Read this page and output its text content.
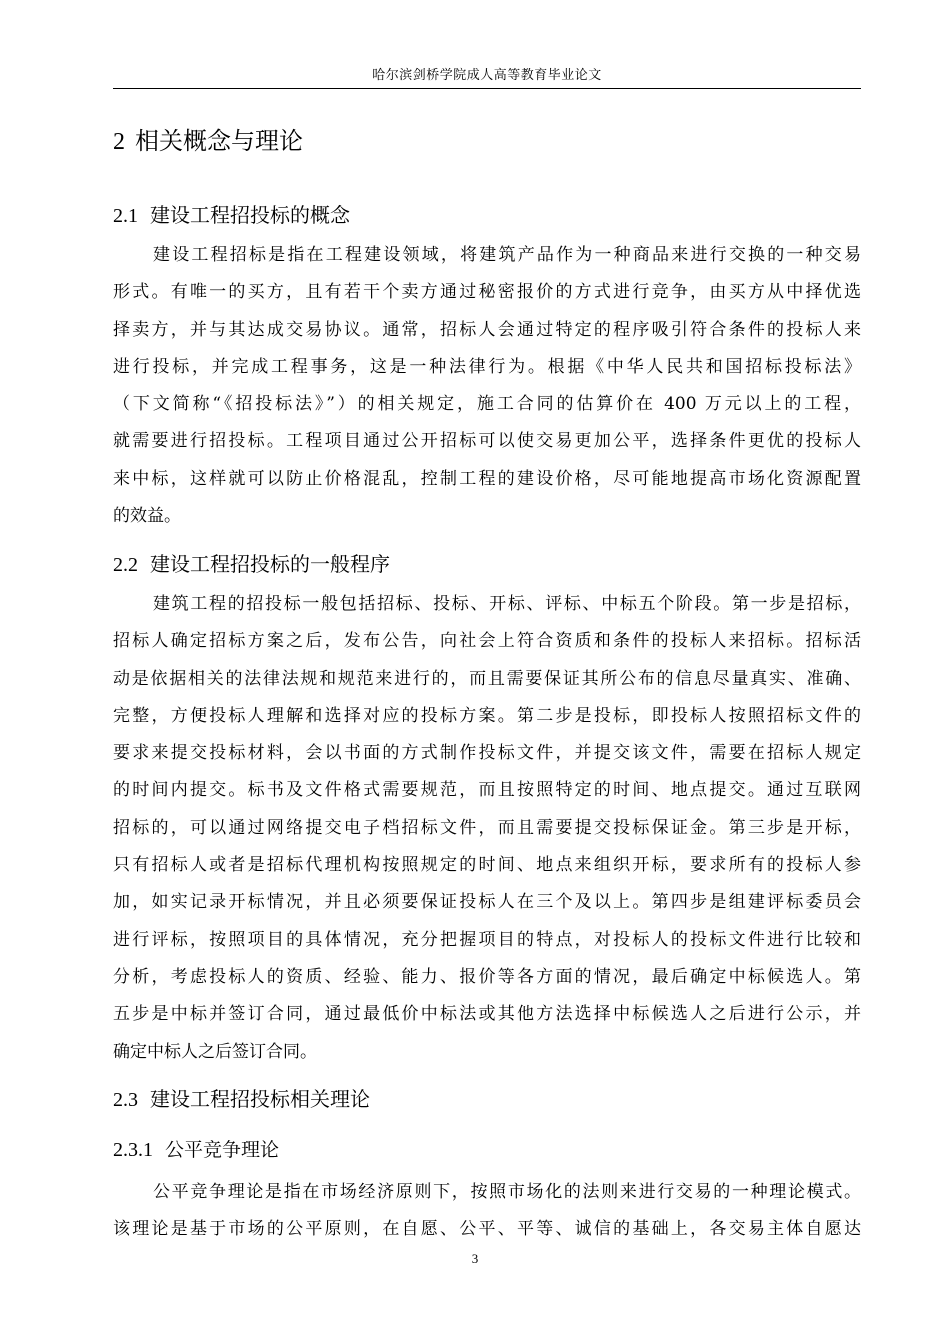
哈尔滨剑桥学院成人高等教育毕业论文
2 相关概念与理论
2.1 建设工程招投标的概念
建设工程招标是指在工程建设领域，将建筑产品作为一种商品来进行交换的一种交易
形式。有唯一的买方，且有若干个卖方通过秘密报价的方式进行竞争，由买方从中择优选
择卖方，并与其达成交易协议。通常，招标人会通过特定的程序吸引符合条件的投标人来
进行投标，并完成工程事务，这是一种法律行为。根据《中华人民共和国招标投标法》
（下文简称“《招投标法》”）的相关规定，施工合同的估算价在 400 万元以上的工程，
就需要进行招投标。工程项目通过公开招标可以使交易更加公平，选择条件更优的投标人
来中标，这样就可以防止价格混乱，控制工程的建设价格，尽可能地提高市场化资源配置
的效益。
2.2 建设工程招投标的一般程序
建筑工程的招投标一般包括招标、投标、开标、评标、中标五个阶段。第一步是招标，
招标人确定招标方案之后，发布公告，向社会上符合资质和条件的投标人来招标。招标活
动是依据相关的法律法规和规范来进行的，而且需要保证其所公布的信息尽量真实、准确、
完整，方便投标人理解和选择对应的投标方案。第二步是投标，即投标人按照招标文件的
要求来提交投标材料，会以书面的方式制作投标文件，并提交该文件，需要在招标人规定
的时间内提交。标书及文件格式需要规范，而且按照特定的时间、地点提交。通过互联网
招标的，可以通过网络提交电子档招标文件，而且需要提交投标保证金。第三步是开标，
只有招标人或者是招标代理机构按照规定的时间、地点来组织开标，要求所有的投标人参
加，如实记录开标情况，并且必须要保证投标人在三个及以上。第四步是组建评标委员会
进行评标，按照项目的具体情况，充分把握项目的特点，对投标人的投标文件进行比较和
分析，考虑投标人的资质、经验、能力、报价等各方面的情况，最后确定中标候选人。第
五步是中标并签订合同，通过最低价中标法或其他方法选择中标候选人之后进行公示，并
确定中标人之后签订合同。
2.3 建设工程招投标相关理论
2.3.1 公平竞争理论
公平竞争理论是指在市场经济原则下，按照市场化的法则来进行交易的一种理论模式。
该理论是基于市场的公平原则，在自愿、公平、平等、诚信的基础上，各交易主体自愿达
3
